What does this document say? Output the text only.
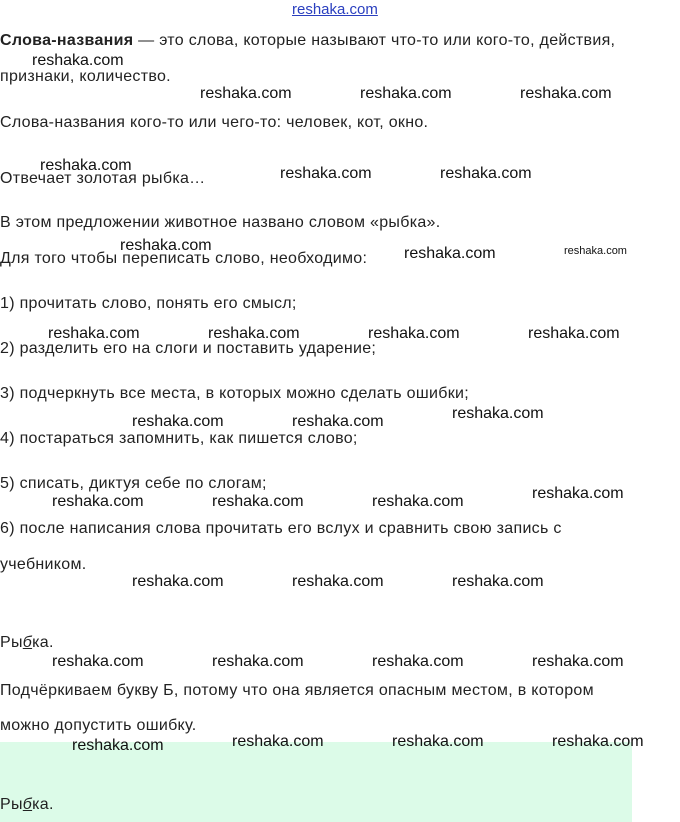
reshaka.com
Слова-названия — это слова, которые называют что-то или кого-то, действия,
признаки, количество.
Слова-названия кого-то или чего-то: человек, кот, окно.
Отвечает золотая рыбка…
В этом предложении животное названо словом «рыбка».
Для того чтобы переписать слово, необходимо:
1) прочитать слово, понять его смысл;
2) разделить его на слоги и поставить ударение;
3) подчеркнуть все места, в которых можно сделать ошибки;
4) постараться запомнить, как пишется слово;
5) списать, диктуя себе по слогам;
6) после написания слова прочитать его вслух и сравнить свою запись с
учебником.
Рыбка.
Подчёркиваем букву Б, потому что она является опасным местом, в котором
можно допустить ошибку.
Рыбка.
reshaka.com
reshaka.com	reshaka.com	reshaka.com
reshaka.com	reshaka.com	reshaka.com
reshaka.com	reshaka.com	reshaka.com
reshaka.com	reshaka.com	reshaka.com	reshaka.com
reshaka.com	reshaka.com	reshaka.com
reshaka.com	reshaka.com	reshaka.com	reshaka.com
reshaka.com	reshaka.com	reshaka.com
reshaka.com	reshaka.com	reshaka.com	reshaka.com
reshaka.com	reshaka.com	reshaka.com	reshaka.com
